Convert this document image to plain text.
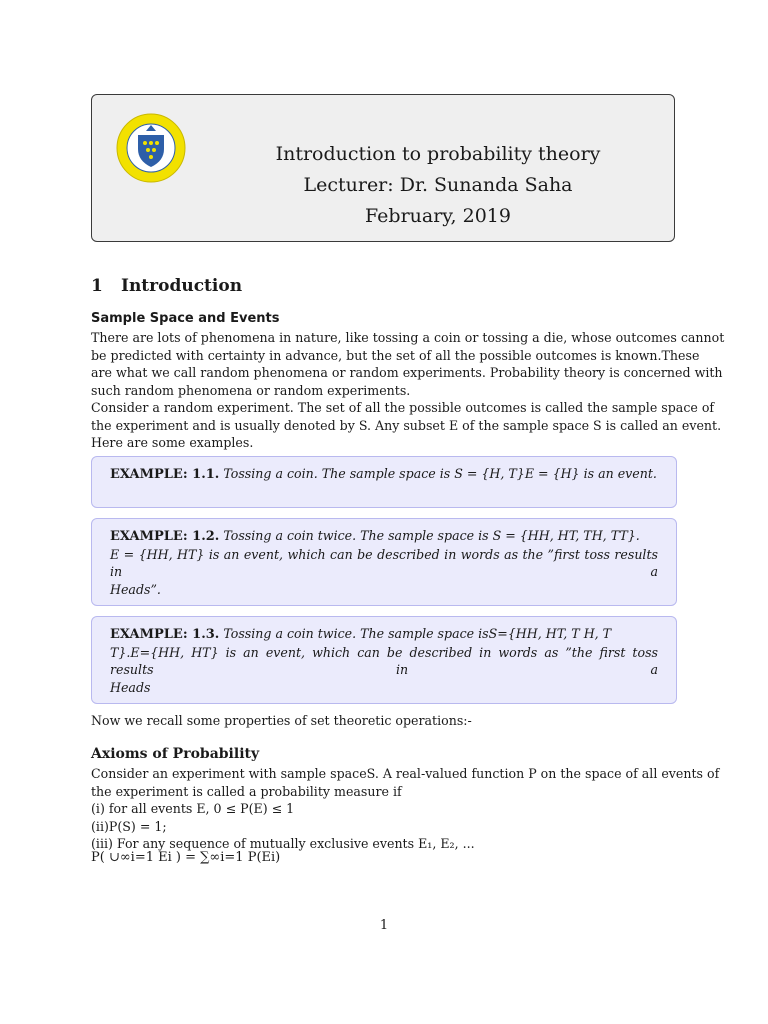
Introduction to probability theory
Lecturer: Dr. Sunanda Saha
February, 2019
1 Introduction
Sample Space and Events
There are lots of phenomena in nature, like tossing a coin or tossing a die, whose outcomes cannot
be predicted with certainty in advance, but the set of all the possible outcomes is known.These
are what we call random phenomena or random experiments. Probability theory is concerned with
such random phenomena or random experiments.
Consider a random experiment. The set of all the possible outcomes is called the sample space of
the experiment and is usually denoted by S. Any subset E of the sample space S is called an event.
Here are some examples.
EXAMPLE: 1.1. Tossing a coin. The sample space is S = {H, T}E = {H} is an event.
EXAMPLE: 1.2. Tossing a coin twice. The sample space is S = {HH, HT, TH, TT}.
E = {HH, HT} is an event, which can be described in words as the ”first toss results in a
Heads”.
EXAMPLE: 1.3. Tossing a coin twice. The sample space isS={HH, HT, T H, T
T}.E={HH, HT} is an event, which can be described in words as ”the first toss results in a
Heads
Now we recall some properties of set theoretic operations:-
Axioms of Probability
Consider an experiment with sample spaceS. A real-valued function P on the space of all events of
the experiment is called a probability measure if
(i) for all events E, 0 ≤ P(E) ≤ 1
(ii)P(S) = 1;
(iii) For any sequence of mutually exclusive events E₁, E₂, ...
P( ∪∞i=1 Ei ) = ∑∞i=1 P(Ei)
1
